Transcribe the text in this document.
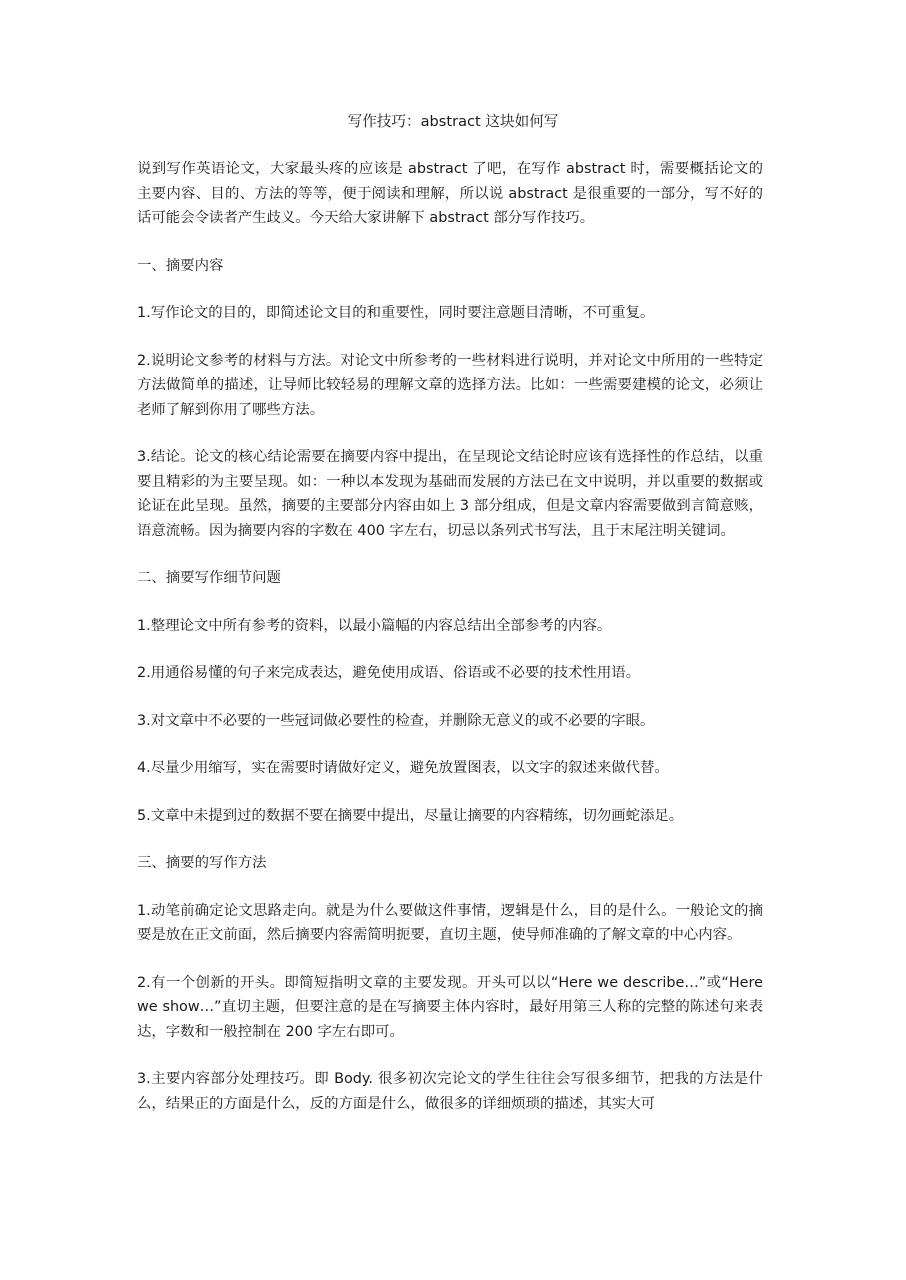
写作技巧：abstract 这块如何写

说到写作英语论文，大家最头疼的应该是 abstract 了吧，在写作 abstract 时，需要概括论文的主要内容、目的、方法的等等，便于阅读和理解，所以说 abstract 是很重要的一部分，写不好的话可能会令读者产生歧义。今天给大家讲解下 abstract 部分写作技巧。

一、摘要内容

1.写作论文的目的，即简述论文目的和重要性，同时要注意题目清晰，不可重复。

2.说明论文参考的材料与方法。对论文中所参考的一些材料进行说明，并对论文中所用的一些特定方法做简单的描述，让导师比较轻易的理解文章的选择方法。比如：一些需要建模的论文，必须让老师了解到你用了哪些方法。

3.结论。论文的核心结论需要在摘要内容中提出，在呈现论文结论时应该有选择性的作总结，以重要且精彩的为主要呈现。如：一种以本发现为基础而发展的方法已在文中说明，并以重要的数据或论证在此呈现。虽然，摘要的主要部分内容由如上 3 部分组成，但是文章内容需要做到言简意赅，语意流畅。因为摘要内容的字数在 400 字左右，切忌以条列式书写法，且于末尾注明关键词。

二、摘要写作细节问题

1.整理论文中所有参考的资料，以最小篇幅的内容总结出全部参考的内容。

2.用通俗易懂的句子来完成表达，避免使用成语、俗语或不必要的技术性用语。

3.对文章中不必要的一些冠词做必要性的检查，并删除无意义的或不必要的字眼。

4.尽量少用缩写，实在需要时请做好定义，避免放置图表，以文字的叙述来做代替。

5.文章中未提到过的数据不要在摘要中提出，尽量让摘要的内容精练，切勿画蛇添足。

三、摘要的写作方法

1.动笔前确定论文思路走向。就是为什么要做这件事情，逻辑是什么，目的是什么。一般论文的摘要是放在正文前面，然后摘要内容需简明扼要，直切主题，使导师准确的了解文章的中心内容。

2.有一个创新的开头。即简短指明文章的主要发现。开头可以以“Here we describe…”或“Here we show…”直切主题，但要注意的是在写摘要主体内容时，最好用第三人称的完整的陈述句来表达，字数和一般控制在 200 字左右即可。

3.主要内容部分处理技巧。即 Body. 很多初次完论文的学生往往会写很多细节，把我的方法是什么，结果正的方面是什么，反的方面是什么，做很多的详细烦琐的描述，其实大可
